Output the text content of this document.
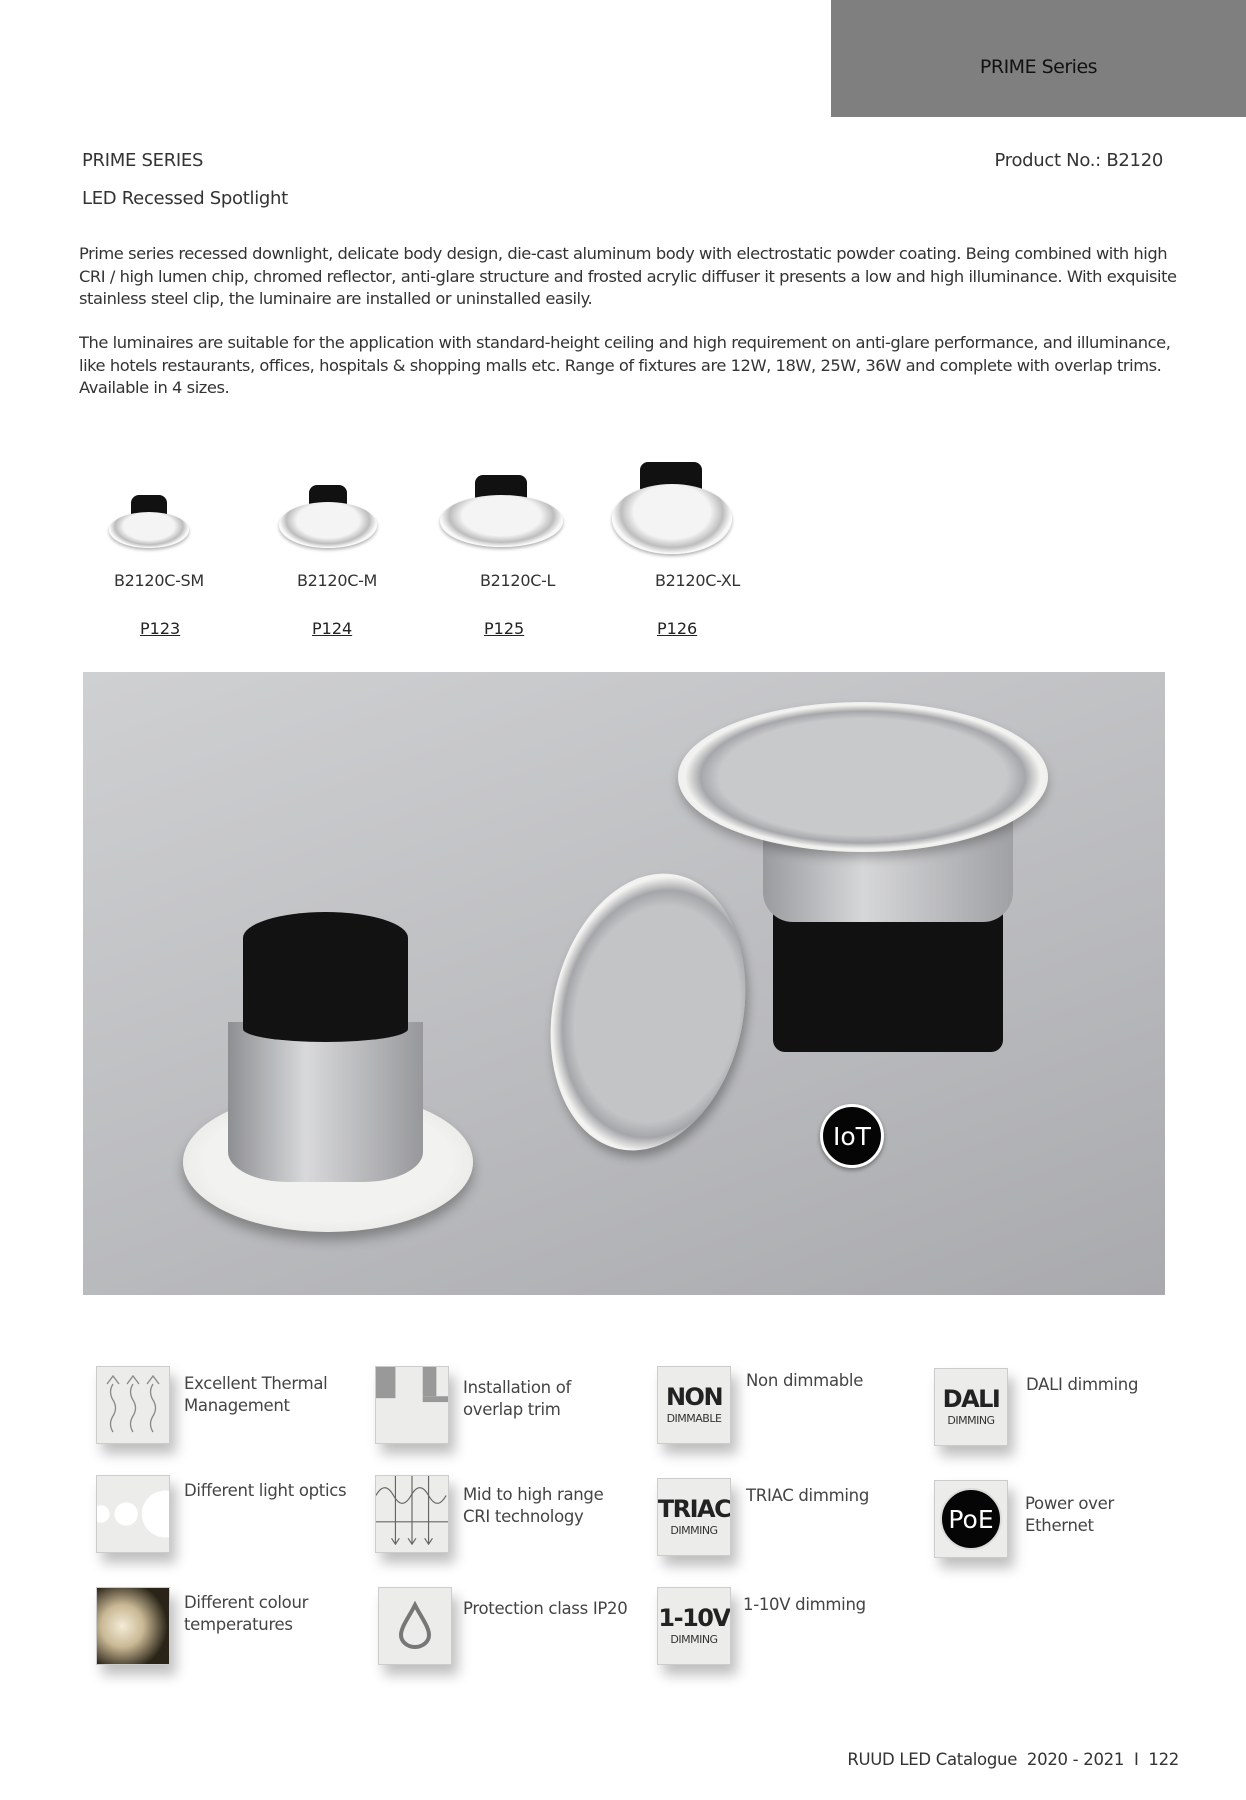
PRIME Series
PRIME SERIES
LED Recessed Spotlight
Product No.: B2120

Prime series recessed downlight, delicate body design, die-cast aluminum body with electrostatic powder coating. Being combined with high CRI / high lumen chip, chromed reflector, anti-glare structure and frosted acrylic diffuser it presents a low and high illuminance. With exquisite stainless steel clip, the luminaire are installed or uninstalled easily.

The luminaires are suitable for the application with standard-height ceiling and high requirement on anti-glare performance, and illuminance, like hotels restaurants, offices, hospitals & shopping malls etc. Range of fixtures are 12W, 18W, 25W, 36W and complete with overlap trims. Available in 4 sizes.

B2120C-SM	B2120C-M	B2120C-L	B2120C-XL
P123	P124	P125	P126
IoT
Excellent Thermal Management
Different light optics
Different colour temperatures
Installation of overlap trim
Mid to high range CRI technology
Protection class IP20
NON
DIMMABLE
Non dimmable
TRIAC
DIMMING
TRIAC dimming
1-10V
DIMMING
1-10V dimming
DALI
DIMMING
DALI dimming
PoE
Power over Ethernet
RUUD LED Catalogue  2020 - 2021  I  122
